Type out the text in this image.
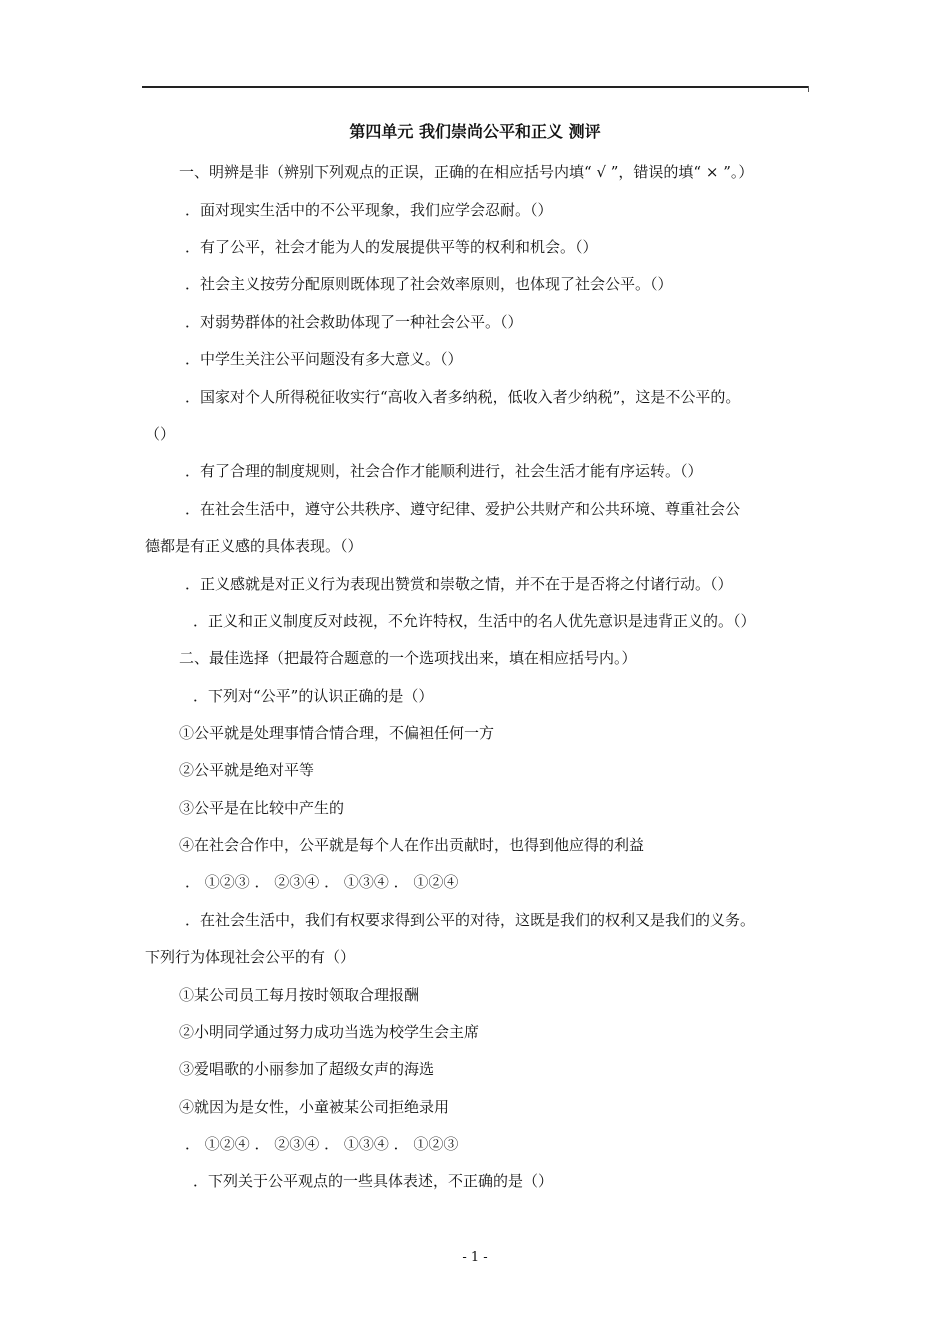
第四单元 我们崇尚公平和正义 测评
一、明辨是非（辨别下列观点的正误，正确的在相应括号内填“ √ ”，错误的填“ × ”。）
．面对现实生活中的不公平现象，我们应学会忍耐。（）
．有了公平，社会才能为人的发展提供平等的权利和机会。（）
．社会主义按劳分配原则既体现了社会效率原则，也体现了社会公平。（）
．对弱势群体的社会救助体现了一种社会公平。（）
．中学生关注公平问题没有多大意义。（）
．国家对个人所得税征收实行“高收入者多纳税，低收入者少纳税”，这是不公平的。
（）
．有了合理的制度规则，社会合作才能顺利进行，社会生活才能有序运转。（）
．在社会生活中，遵守公共秩序、遵守纪律、爱护公共财产和公共环境、尊重社会公
德都是有正义感的具体表现。（）
．正义感就是对正义行为表现出赞赏和崇敬之情，并不在于是否将之付诸行动。（）
．正义和正义制度反对歧视，不允许特权，生活中的名人优先意识是违背正义的。（）
二、最佳选择（把最符合题意的一个选项找出来，填在相应括号内。）
．下列对“公平”的认识正确的是（）
①公平就是处理事情合情合理，不偏袒任何一方
②公平就是绝对平等
③公平是在比较中产生的
④在社会合作中，公平就是每个人在作出贡献时，也得到他应得的利益
． ①②③ ． ②③④ ． ①③④ ． ①②④
．在社会生活中，我们有权要求得到公平的对待，这既是我们的权利又是我们的义务。
下列行为体现社会公平的有（）
①某公司员工每月按时领取合理报酬
②小明同学通过努力成功当选为校学生会主席
③爱唱歌的小丽参加了超级女声的海选
④就因为是女性，小童被某公司拒绝录用
． ①②④ ． ②③④ ． ①③④ ． ①②③
．下列关于公平观点的一些具体表述，不正确的是（）
- 1 -
